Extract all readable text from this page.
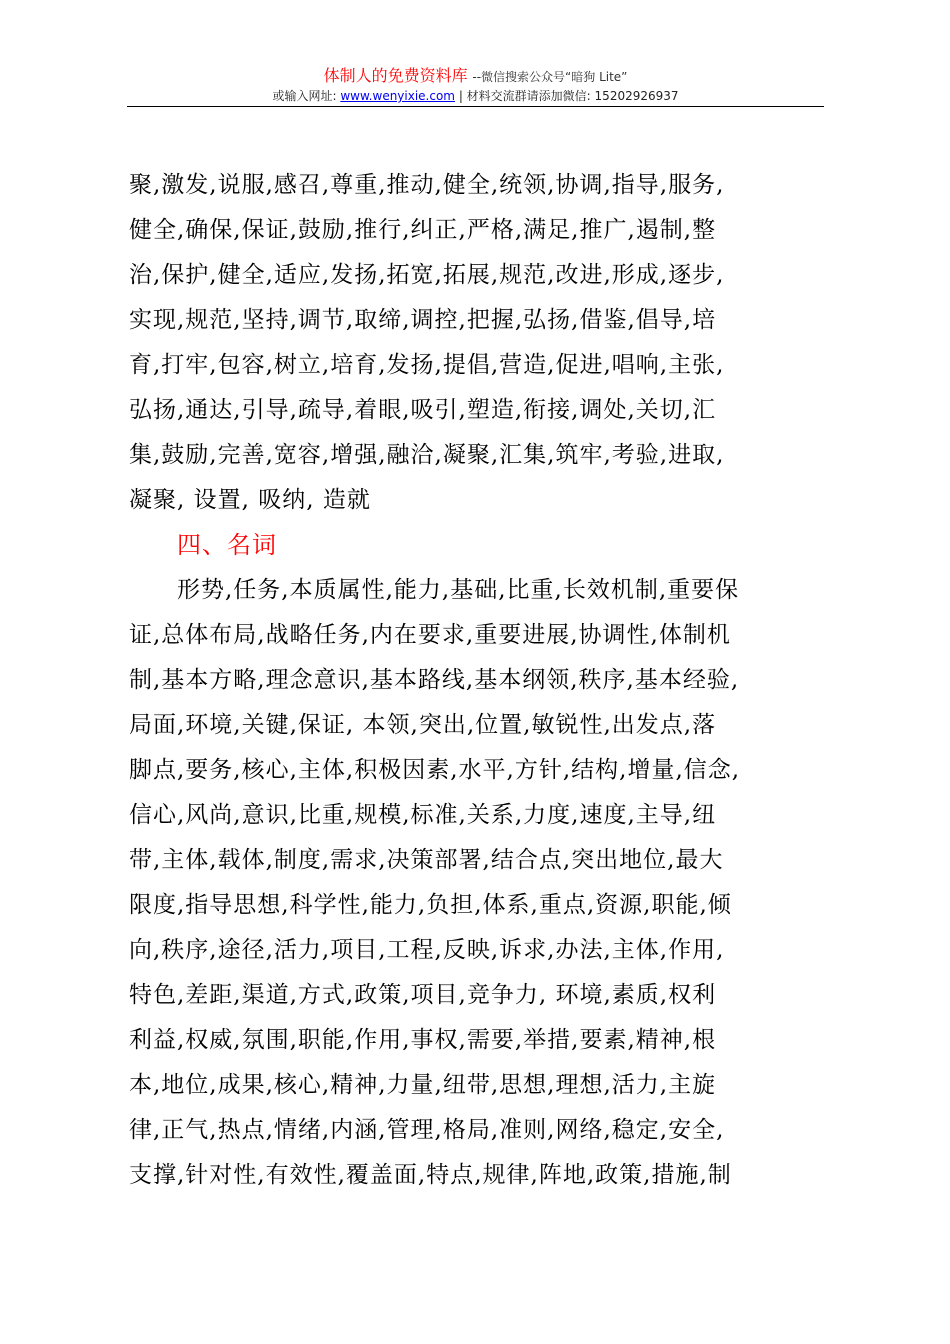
体制人的免费资料库 --微信搜索公众号“暗狗 Lite”
或输入网址: www.wenyixie.com | 材料交流群请添加微信: 15202926937
聚,激发,说服,感召,尊重,推动,健全,统领,协调,指导,服务,
健全,确保,保证,鼓励,推行,纠正,严格,满足,推广,遏制,整
治,保护,健全,适应,发扬,拓宽,拓展,规范,改进,形成,逐步,
实现,规范,坚持,调节,取缔,调控,把握,弘扬,借鉴,倡导,培
育,打牢,包容,树立,培育,发扬,提倡,营造,促进,唱响,主张,
弘扬,通达,引导,疏导,着眼,吸引,塑造,衔接,调处,关切,汇
集,鼓励,完善,宽容,增强,融洽,凝聚,汇集,筑牢,考验,进取,
凝聚, 设置, 吸纳, 造就
四、名词
形势,任务,本质属性,能力,基础,比重,长效机制,重要保
证,总体布局,战略任务,内在要求,重要进展,协调性,体制机
制,基本方略,理念意识,基本路线,基本纲领,秩序,基本经验,
局面,环境,关键,保证, 本领,突出,位置,敏锐性,出发点,落
脚点,要务,核心,主体,积极因素,水平,方针,结构,增量,信念,
信心,风尚,意识,比重,规模,标准,关系,力度,速度,主导,纽
带,主体,载体,制度,需求,决策部署,结合点,突出地位,最大
限度,指导思想,科学性,能力,负担,体系,重点,资源,职能,倾
向,秩序,途径,活力,项目,工程,反映,诉求,办法,主体,作用,
特色,差距,渠道,方式,政策,项目,竞争力, 环境,素质,权利
利益,权威,氛围,职能,作用,事权,需要,举措,要素,精神,根
本,地位,成果,核心,精神,力量,纽带,思想,理想,活力,主旋
律,正气,热点,情绪,内涵,管理,格局,准则,网络,稳定,安全,
支撑,针对性,有效性,覆盖面,特点,规律,阵地,政策,措施,制
